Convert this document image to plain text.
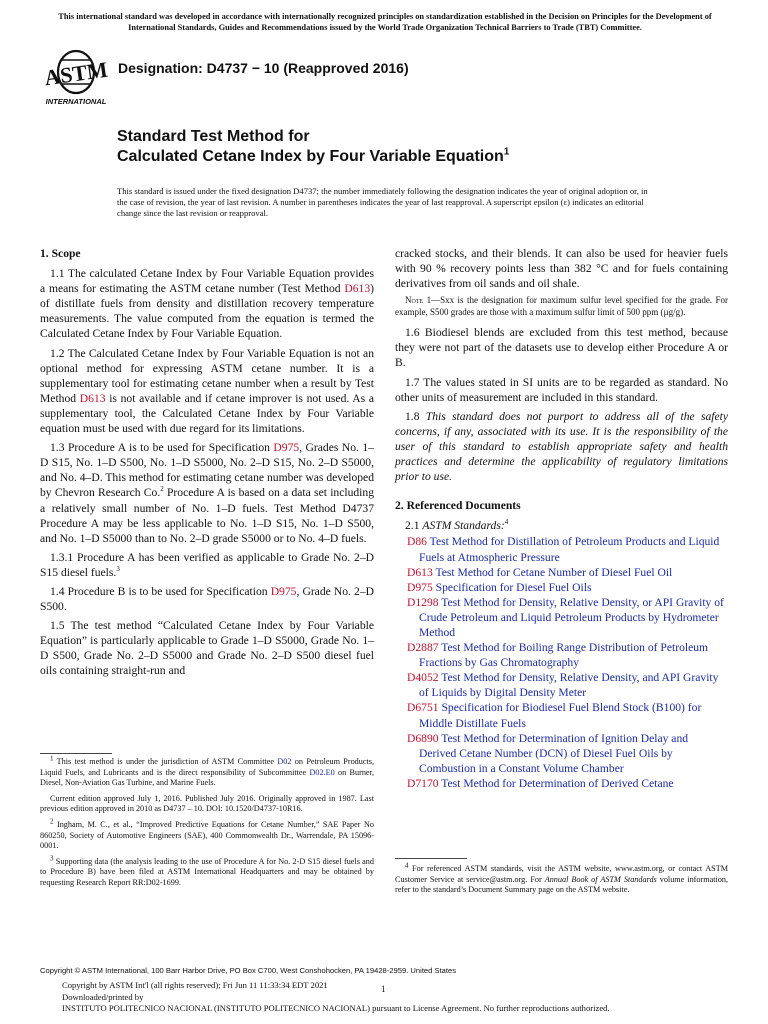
This international standard was developed in accordance with internationally recognized principles on standardization established in the Decision on Principles for the Development of International Standards, Guides and Recommendations issued by the World Trade Organization Technical Barriers to Trade (TBT) Committee.
ASTM
INTERNATIONAL
Designation: D4737 − 10 (Reapproved 2016)
Standard Test Method for
Calculated Cetane Index by Four Variable Equation$^1$
This standard is issued under the fixed designation D4737; the number immediately following the designation indicates the year of original adoption or, in the case of revision, the year of last revision. A number in parentheses indicates the year of last reapproval. A superscript epsilon (ε) indicates an editorial change since the last revision or reapproval.

1. Scope

1.1 The calculated Cetane Index by Four Variable Equation provides a means for estimating the ASTM cetane number (Test Method D613) of distillate fuels from density and distillation recovery temperature measurements. The value computed from the equation is termed the Calculated Cetane Index by Four Variable Equation.

1.2 The Calculated Cetane Index by Four Variable Equation is not an optional method for expressing ASTM cetane number. It is a supplementary tool for estimating cetane number when a result by Test Method D613 is not available and if cetane improver is not used. As a supplementary tool, the Calculated Cetane Index by Four Variable equation must be used with due regard for its limitations.

1.3 Procedure A is to be used for Specification D975, Grades No. 1–D S15, No. 1–D S500, No. 1–D S5000, No. 2–D S15, No. 2–D S5000, and No. 4–D. This method for estimating cetane number was developed by Chevron Research Co.$^2$ Procedure A is based on a data set including a relatively small number of No. 1–D fuels. Test Method D4737 Procedure A may be less applicable to No. 1–D S15, No. 1–D S500, and No. 1–D S5000 than to No. 2–D grade S5000 or to No. 4–D fuels.

1.3.1 Procedure A has been verified as applicable to Grade No. 2–D S15 diesel fuels.$^3$

1.4 Procedure B is to be used for Specification D975, Grade No. 2–D S500.

1.5 The test method “Calculated Cetane Index by Four Variable Equation” is particularly applicable to Grade 1–D S5000, Grade No. 1–D S500, Grade No. 2–D S5000 and Grade No. 2–D S500 diesel fuel oils containing straight-run and

cracked stocks, and their blends. It can also be used for heavier fuels with 90 % recovery points less than 382 °C and for fuels containing derivatives from oil sands and oil shale.

Note 1—Sxx is the designation for maximum sulfur level specified for the grade. For example, S500 grades are those with a maximum sulfur limit of 500 ppm (µg/g).

1.6 Biodiesel blends are excluded from this test method, because they were not part of the datasets use to develop either Procedure A or B.

1.7 The values stated in SI units are to be regarded as standard. No other units of measurement are included in this standard.

1.8 This standard does not purport to address all of the safety concerns, if any, associated with its use. It is the responsibility of the user of this standard to establish appropriate safety and health practices and determine the applicability of regulatory limitations prior to use.

2. Referenced Documents

2.1 ASTM Standards:$^4$

D86 Test Method for Distillation of Petroleum Products and Liquid Fuels at Atmospheric Pressure
D613 Test Method for Cetane Number of Diesel Fuel Oil
D975 Specification for Diesel Fuel Oils
D1298 Test Method for Density, Relative Density, or API Gravity of Crude Petroleum and Liquid Petroleum Products by Hydrometer Method
D2887 Test Method for Boiling Range Distribution of Petroleum Fractions by Gas Chromatography
D4052 Test Method for Density, Relative Density, and API Gravity of Liquids by Digital Density Meter
D6751 Specification for Biodiesel Fuel Blend Stock (B100) for Middle Distillate Fuels
D6890 Test Method for Determination of Ignition Delay and Derived Cetane Number (DCN) of Diesel Fuel Oils by Combustion in a Constant Volume Chamber
D7170 Test Method for Determination of Derived Cetane

$^1$ This test method is under the jurisdiction of ASTM Committee D02 on Petroleum Products, Liquid Fuels, and Lubricants and is the direct responsibility of Subcommittee D02.E0 on Burner, Diesel, Non-Aviation Gas Turbine, and Marine Fuels.

Current edition approved July 1, 2016. Published July 2016. Originally approved in 1987. Last previous edition approved in 2010 as D4737 – 10. DOI: 10.1520/D4737-10R16.

$^2$ Ingham, M. C., et al., “Improved Predictive Equations for Cetane Number,” SAE Paper No 860250, Society of Automotive Engineers (SAE), 400 Commonwealth Dr., Warrendale, PA 15096-0001.

$^3$ Supporting data (the analysis leading to the use of Procedure A for No. 2-D S15 diesel fuels and to Procedure B) have been filed at ASTM International Headquarters and may be obtained by requesting Research Report RR:D02-1699.

$^4$ For referenced ASTM standards, visit the ASTM website, www.astm.org, or contact ASTM Customer Service at service@astm.org. For Annual Book of ASTM Standards volume information, refer to the standard’s Document Summary page on the ASTM website.

Copyright © ASTM International, 100 Barr Harbor Drive, PO Box C700, West Conshohocken, PA 19428-2959. United States
Copyright by ASTM Int'l (all rights reserved); Fri Jun 11 11:33:34 EDT 2021
Downloaded/printed by
INSTITUTO POLITECNICO NACIONAL (INSTITUTO POLITECNICO NACIONAL) pursuant to License Agreement. No further reproductions authorized.
1
